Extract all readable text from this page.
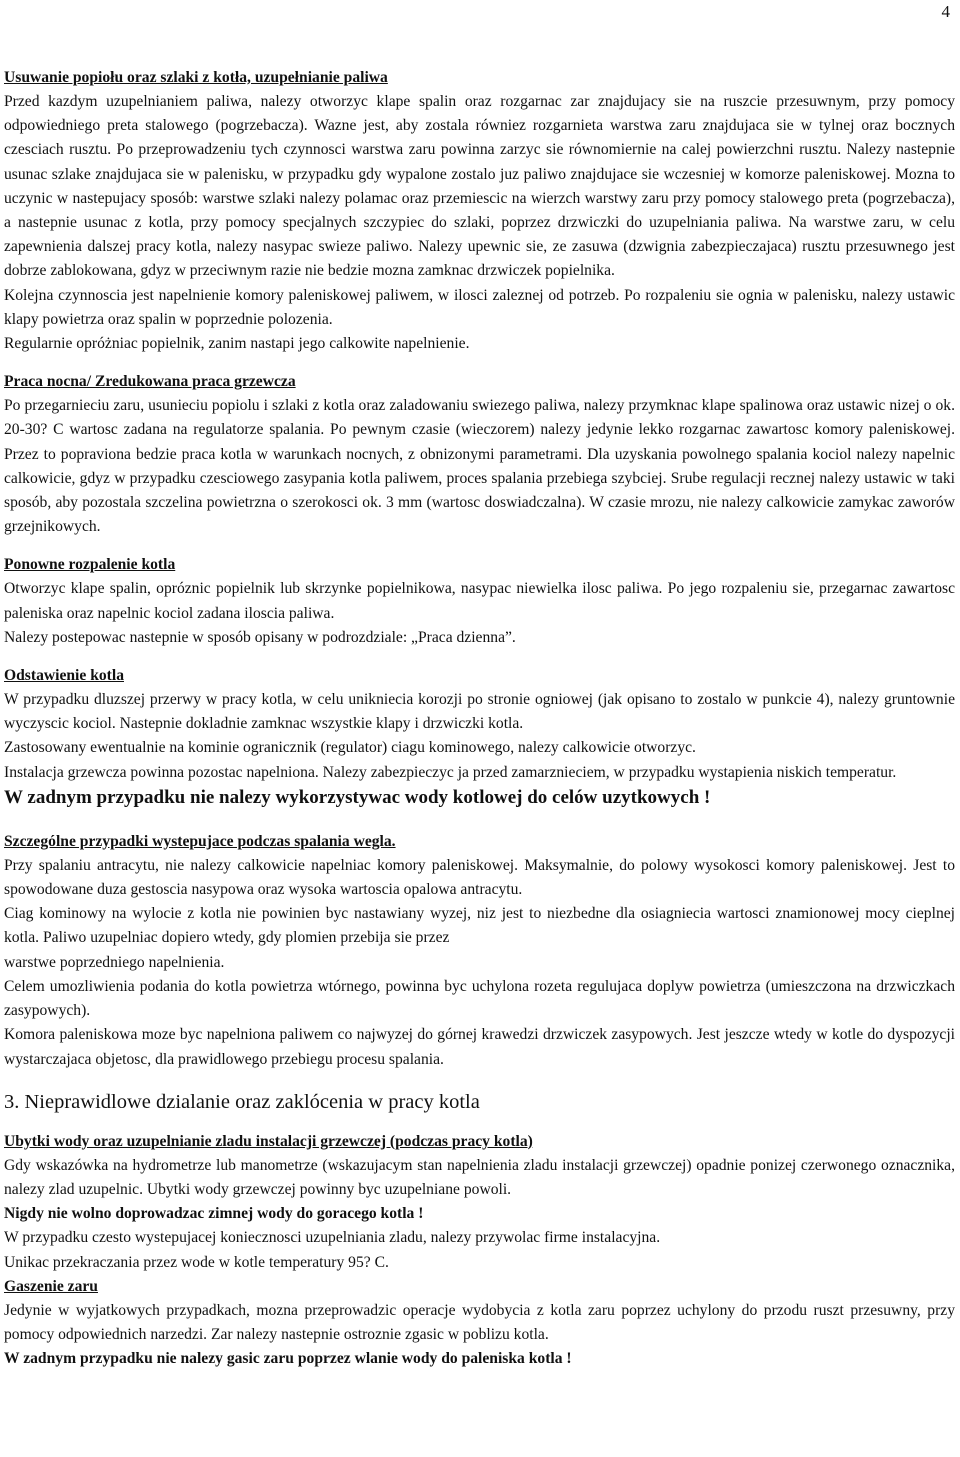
4

Usuwanie popiołu oraz szlaki z kotła, uzupełnianie paliwa

Przed kazdym uzupelnianiem paliwa, nalezy otworzyc klape spalin oraz rozgarnac zar znajdujacy sie na ruszcie przesuwnym, przy pomocy odpowiedniego preta stalowego (pogrzebacza). Wazne jest, aby zostala równiez rozgarnieta warstwa zaru znajdujaca sie w tylnej oraz bocznych czesciach rusztu. Po przeprowadzeniu tych czynnosci warstwa zaru powinna zarzyc sie równomiernie na calej powierzchni rusztu. Nalezy nastepnie usunac szlake znajdujaca sie w palenisku, w przypadku gdy wypalone zostalo juz paliwo znajdujace sie wczesniej w komorze paleniskowej. Mozna to uczynic w nastepujacy sposób: warstwe szlaki nalezy polamac oraz przemiescic na wierzch warstwy zaru przy pomocy stalowego preta (pogrzebacza), a nastepnie usunac z kotla, przy pomocy specjalnych szczypiec do szlaki, poprzez drzwiczki do uzupelniania paliwa. Na warstwe zaru, w celu zapewnienia dalszej pracy kotla, nalezy nasypac swieze paliwo. Nalezy upewnic sie, ze zasuwa (dzwignia zabezpieczajaca) rusztu przesuwnego jest dobrze zablokowana, gdyz w przeciwnym razie nie bedzie mozna zamknac drzwiczek popielnika.

Kolejna czynnoscia jest napelnienie komory paleniskowej paliwem, w ilosci zaleznej od potrzeb. Po rozpaleniu sie ognia w palenisku, nalezy ustawic klapy powietrza oraz spalin w poprzednie polozenia.

Regularnie opróżniac popielnik, zanim nastapi jego calkowite napelnienie.

Praca nocna/ Zredukowana praca grzewcza

Po przegarnieciu zaru, usunieciu popiolu i szlaki z kotla oraz zaladowaniu swiezego paliwa, nalezy przymknac klape spalinowa oraz ustawic nizej o ok. 20-30? C wartosc zadana na regulatorze spalania. Po pewnym czasie (wieczorem) nalezy jedynie lekko rozgarnac zawartosc komory paleniskowej. Przez to popraviona bedzie praca kotla w warunkach nocnych, z obnizonymi parametrami. Dla uzyskania powolnego spalania kociol nalezy napelnic calkowicie, gdyz w przypadku czesciowego zasypania kotla paliwem, proces spalania przebiega szybciej. Srube regulacji recznej nalezy ustawic w taki sposób, aby pozostala szczelina powietrzna o szerokosci ok. 3 mm (wartosc doswiadczalna). W czasie mrozu, nie nalezy calkowicie zamykac zaworów grzejnikowych.

Ponowne rozpalenie kotla

Otworzyc klape spalin, opróznic popielnik lub skrzynke popielnikowa, nasypac niewielka ilosc paliwa. Po jego rozpaleniu sie, przegarnac zawartosc paleniska oraz napelnic kociol zadana iloscia paliwa.

Nalezy postepowac nastepnie w sposób opisany w podrozdziale: „Praca dzienna”.

Odstawienie kotla

W przypadku dluzszej przerwy w pracy kotla, w celu unikniecia korozji po stronie ogniowej (jak opisano to zostalo w punkcie 4), nalezy gruntownie wyczyscic kociol. Nastepnie dokladnie zamknac wszystkie klapy i drzwiczki kotla.

Zastosowany ewentualnie na kominie ogranicznik (regulator) ciagu kominowego, nalezy calkowicie otworzyc.

Instalacja grzewcza powinna pozostac napelniona. Nalezy zabezpieczyc ja przed zamarznieciem, w przypadku wystapienia niskich temperatur.

W zadnym przypadku nie nalezy wykorzystywac wody kotlowej do celów uzytkowych !

Szczególne przypadki wystepujace podczas spalania wegla.

Przy spalaniu antracytu, nie nalezy calkowicie napelniac komory paleniskowej. Maksymalnie, do polowy wysokosci komory paleniskowej. Jest to spowodowane duza gestoscia nasypowa oraz wysoka wartoscia opalowa antracytu.

Ciag kominowy na wylocie z kotla nie powinien byc nastawiany wyzej, niz jest to niezbedne dla osiagniecia wartosci znamionowej mocy cieplnej kotla. Paliwo uzupelniac dopiero wtedy, gdy plomien przebija sie przez

warstwe poprzedniego napelnienia.

Celem umozliwienia podania do kotla powietrza wtórnego, powinna byc uchylona rozeta regulujaca doplyw powietrza (umieszczona na drzwiczkach zasypowych).

Komora paleniskowa moze byc napelniona paliwem co najwyzej do górnej krawedzi drzwiczek zasypowych. Jest jeszcze wtedy w kotle do dyspozycji wystarczajaca objetosc, dla prawidlowego przebiegu procesu spalania.

3. Nieprawidlowe dzialanie oraz zaklócenia w pracy kotla

Ubytki wody oraz uzupelnianie zladu instalacji grzewczej (podczas pracy kotla)

Gdy wskazówka na hydrometrze lub manometrze (wskazujacym stan napelnienia zladu instalacji grzewczej) opadnie ponizej czerwonego oznacznika, nalezy zlad uzupelnic. Ubytki wody grzewczej powinny byc uzupelniane powoli.

Nigdy nie wolno doprowadzac zimnej wody do goracego kotla !

W przypadku czesto wystepujacej koniecznosci uzupelniania zladu, nalezy przywolac firme instalacyjna.

Unikac przekraczania przez wode w kotle temperatury 95? C.

Gaszenie zaru

Jedynie w wyjatkowych przypadkach, mozna przeprowadzic operacje wydobycia z kotla zaru poprzez uchylony do przodu ruszt przesuwny, przy pomocy odpowiednich narzedzi. Zar nalezy nastepnie ostroznie zgasic w poblizu kotla.

W zadnym przypadku nie nalezy gasic zaru poprzez wlanie wody do paleniska kotla !
